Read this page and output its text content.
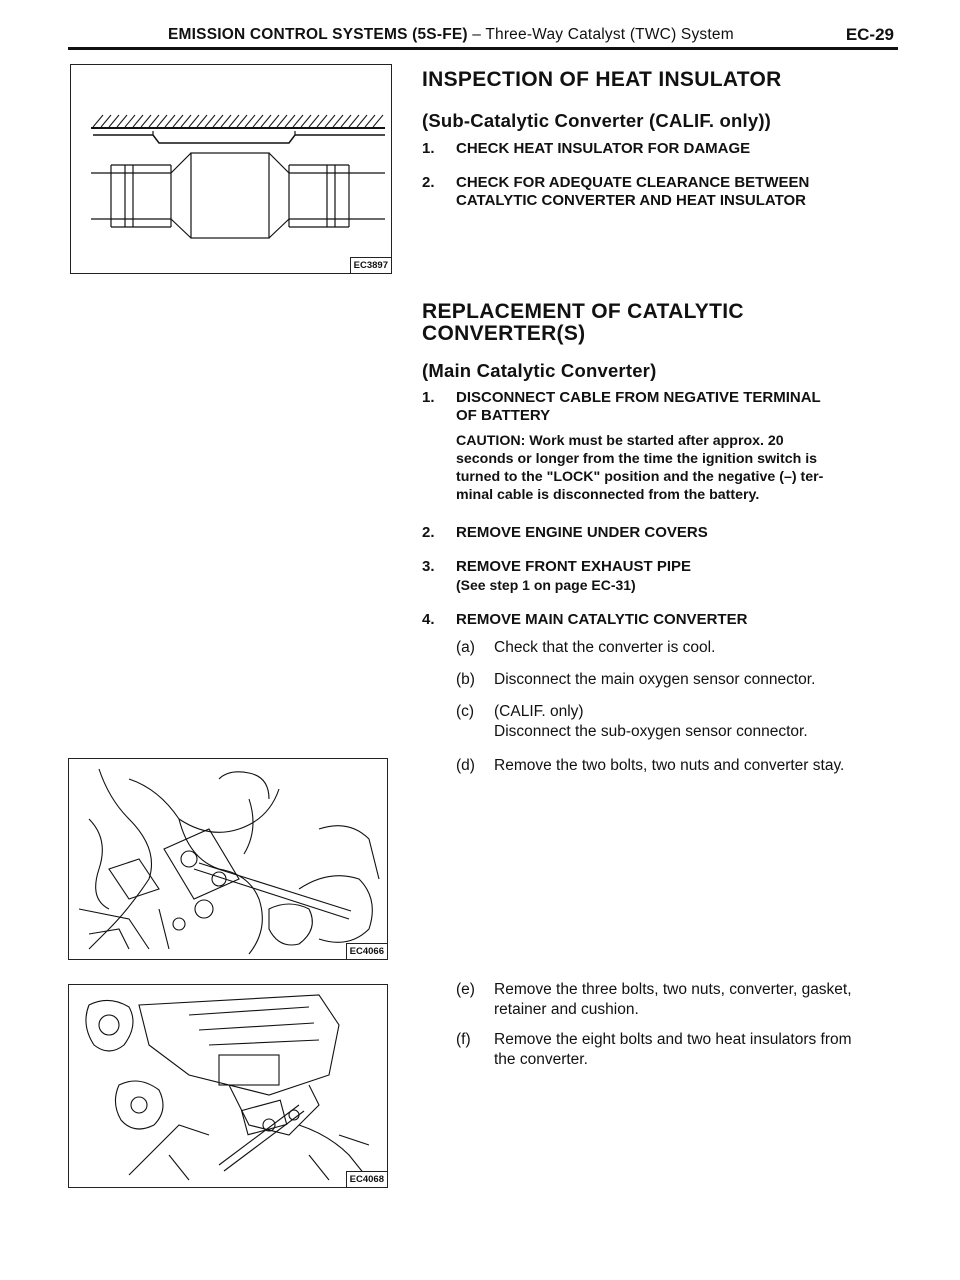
EMISSION CONTROL SYSTEMS (5S-FE) – Three-Way Catalyst (TWC) System	EC-29
EC3897
EC4066
EC4068
INSPECTION OF HEAT INSULATOR
(Sub-Catalytic Converter (CALIF. only))
1. CHECK HEAT INSULATOR FOR DAMAGE
2. CHECK FOR ADEQUATE CLEARANCE BETWEEN
CATALYTIC CONVERTER AND HEAT INSULATOR
REPLACEMENT OF CATALYTIC
CONVERTER(S)
(Main Catalytic Converter)
1. DISCONNECT CABLE FROM NEGATIVE TERMINAL
OF BATTERY
CAUTION: Work must be started after approx. 20
seconds or longer from the time the ignition switch is
turned to the "LOCK" position and the negative (–) ter-
minal cable is disconnected from the battery.
2. REMOVE ENGINE UNDER COVERS
3. REMOVE FRONT EXHAUST PIPE
(See step 1 on page EC-31)
4. REMOVE MAIN CATALYTIC CONVERTER
(a) Check that the converter is cool.
(b) Disconnect the main oxygen sensor connector.
(c) (CALIF. only)
Disconnect the sub-oxygen sensor connector.
(d) Remove the two bolts, two nuts and converter stay.
(e) Remove the three bolts, two nuts, converter, gasket,
retainer and cushion.
(f) Remove the eight bolts and two heat insulators from
the converter.
